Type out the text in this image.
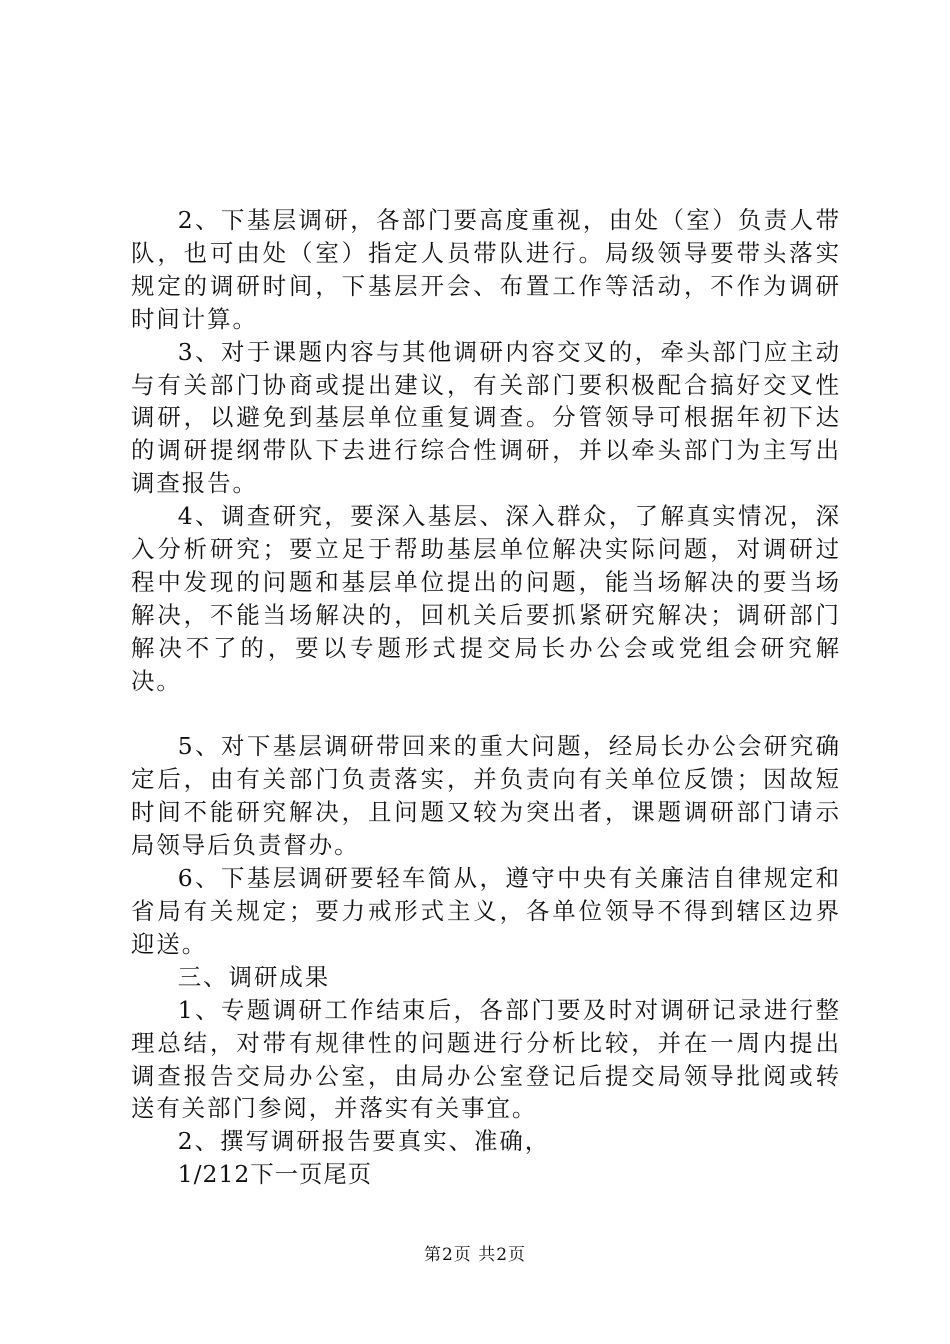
2、下基层调研，各部门要高度重视，由处（室）负责人带队，也可由处（室）指定人员带队进行。局级领导要带头落实规定的调研时间，下基层开会、布置工作等活动，不作为调研时间计算。

3、对于课题内容与其他调研内容交叉的，牵头部门应主动与有关部门协商或提出建议，有关部门要积极配合搞好交叉性调研，以避免到基层单位重复调查。分管领导可根据年初下达的调研提纲带队下去进行综合性调研，并以牵头部门为主写出调查报告。

4、调查研究，要深入基层、深入群众，了解真实情况，深入分析研究；要立足于帮助基层单位解决实际问题，对调研过程中发现的问题和基层单位提出的问题，能当场解决的要当场解决，不能当场解决的，回机关后要抓紧研究解决；调研部门解决不了的，要以专题形式提交局长办公会或党组会研究解决。

5、对下基层调研带回来的重大问题，经局长办公会研究确定后，由有关部门负责落实，并负责向有关单位反馈；因故短时间不能研究解决，且问题又较为突出者，课题调研部门请示局领导后负责督办。

6、下基层调研要轻车简从，遵守中央有关廉洁自律规定和省局有关规定；要力戒形式主义，各单位领导不得到辖区边界迎送。

三、调研成果

1、专题调研工作结束后，各部门要及时对调研记录进行整理总结，对带有规律性的问题进行分析比较，并在一周内提出调查报告交局办公室，由局办公室登记后提交局领导批阅或转送有关部门参阅，并落实有关事宜。

2、撰写调研报告要真实、准确，

1/212下一页尾页

第2页 共2页
